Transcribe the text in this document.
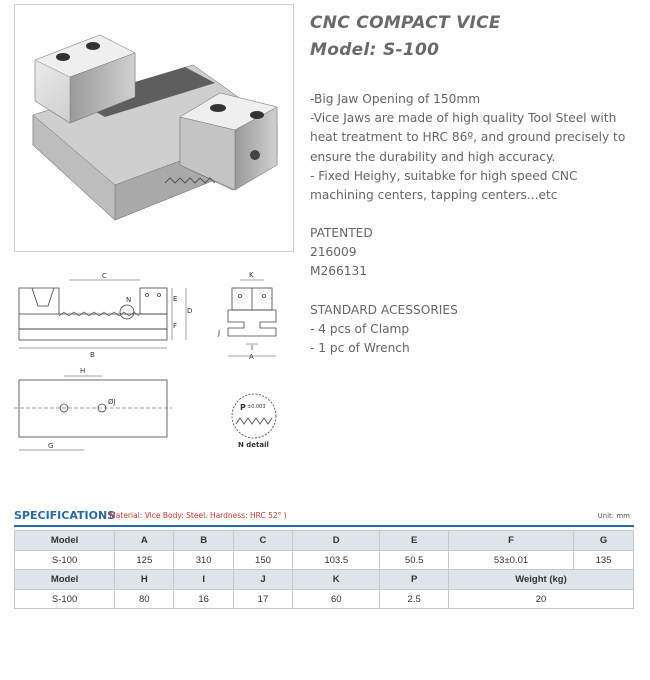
CNC COMPACT VICE
Model: S-100

-Big Jaw Opening of 150mm

-Vice Jaws are made of high quality Tool Steel with heat treatment to HRC 86º, and ground precisely to ensure the durability and high accuracy.

- Fixed Heighy, suitabke for high speed CNC machining centers, tapping centers...etc

PATENTED
216009
M266131
STANDARD ACESSORIES
- 4 pcs of Clamp
- 1 pc of Wrench
C
N	E
D
F
B
K
J
I
A
H
ØJ
G
P ±0.003
N detail
SPECIFICATIONS
( Material: Vice Body: Steel. Hardness: HRC 52° )	Unit: mm
Model	A	B	C	D	E	F	G
S-100	125	310	150	103.5	50.5	53±0.01	135
Model	H	I	J	K	P	Weight (kg)	
S-100	80	16	17	60	2.5	20	
